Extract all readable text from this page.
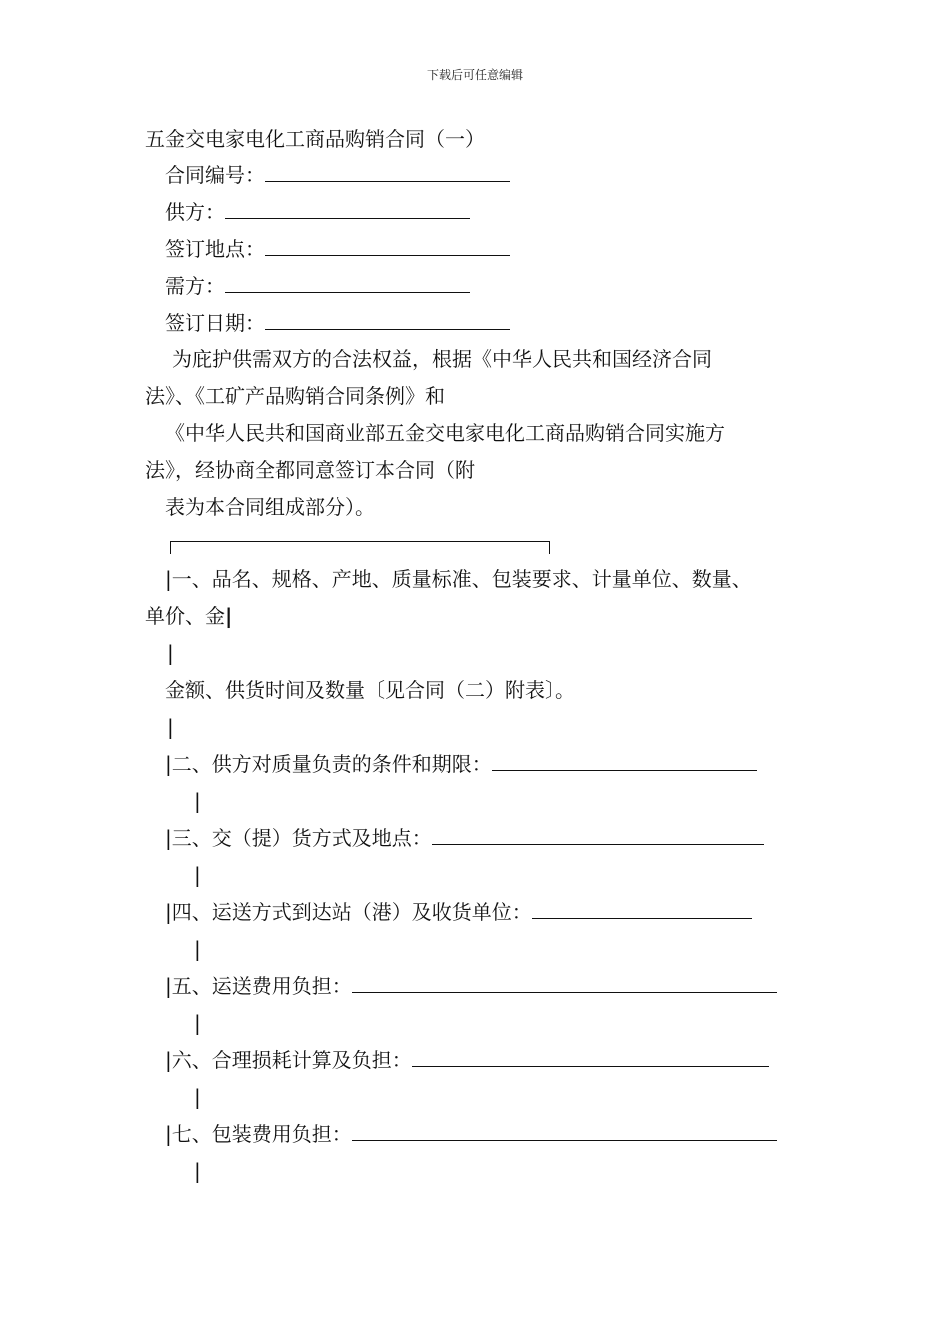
下载后可任意编辑
五金交电家电化工商品购销合同（一）
合同编号：
供方：
签订地点：
需方：
签订日期：
为庇护供需双方的合法权益，根据《中华人民共和国经济合同
法》、《工矿产品购销合同条例》和
《中华人民共和国商业部五金交电家电化工商品购销合同实施方
法》，经协商全都同意签订本合同（附
表为本合同组成部分）。
|一、品名、规格、产地、质量标准、包装要求、计量单位、数量、
单价、金|
|
金额、供货时间及数量〔见合同（二）附表〕。
|
|二、供方对质量负责的条件和期限：
|
|三、交（提）货方式及地点：
|
|四、运送方式到达站（港）及收货单位：
|
|五、运送费用负担：
|
|六、合理损耗计算及负担：
|
|七、包装费用负担：
|
